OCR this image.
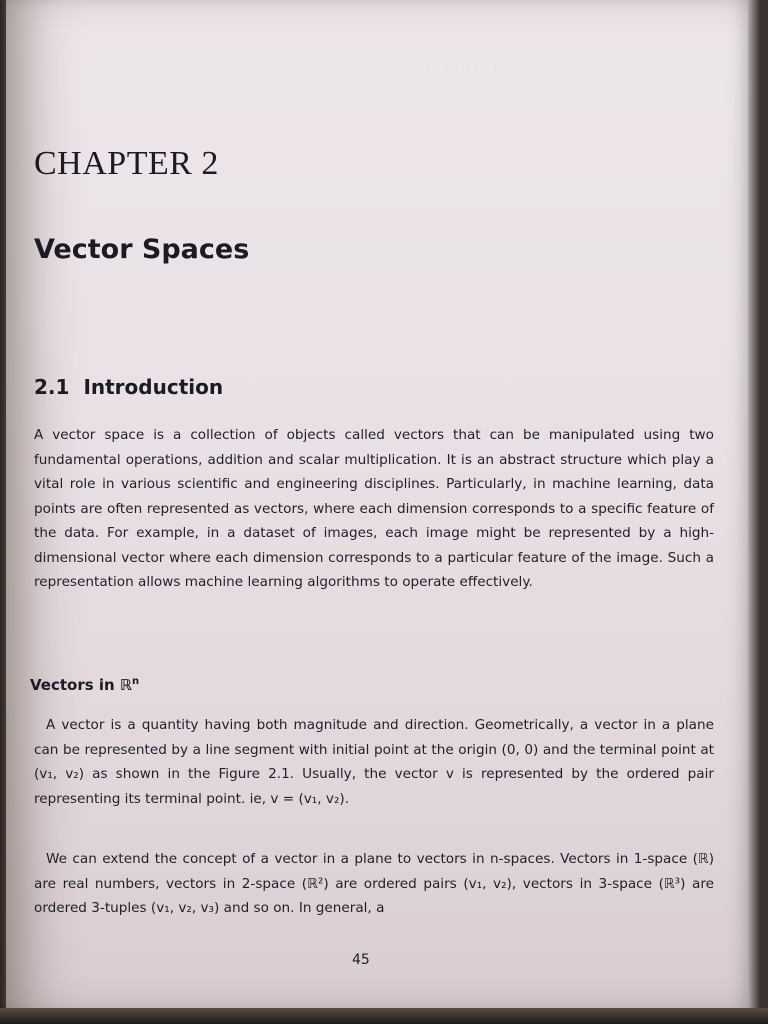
· · · · · · · ·
CHAPTER 2
Vector Spaces
2.1 Introduction

A vector space is a collection of objects called vectors that can be manipulated using two fundamental operations, addition and scalar multiplication. It is an abstract structure which play a vital role in various scientific and engineering disciplines. Particularly, in machine learning, data points are often represented as vectors, where each dimension corresponds to a specific feature of the data. For example, in a dataset of images, each image might be represented by a high-dimensional vector where each dimension corresponds to a particular feature of the image. Such a representation allows machine learning algorithms to operate effectively.

Vectors in ℝ$^n$

A vector is a quantity having both magnitude and direction. Geometrically, a vector in a plane can be represented by a line segment with initial point at the origin (0, 0) and the terminal point at (v₁, v₂) as shown in the Figure 2.1. Usually, the vector v is represented by the ordered pair representing its terminal point. ie, v = (v₁, v₂).

We can extend the concept of a vector in a plane to vectors in n-spaces. Vectors in 1-space (ℝ) are real numbers, vectors in 2-space (ℝ²) are ordered pairs (v₁, v₂), vectors in 3-space (ℝ³) are ordered 3-tuples (v₁, v₂, v₃) and so on. In general, a

45
